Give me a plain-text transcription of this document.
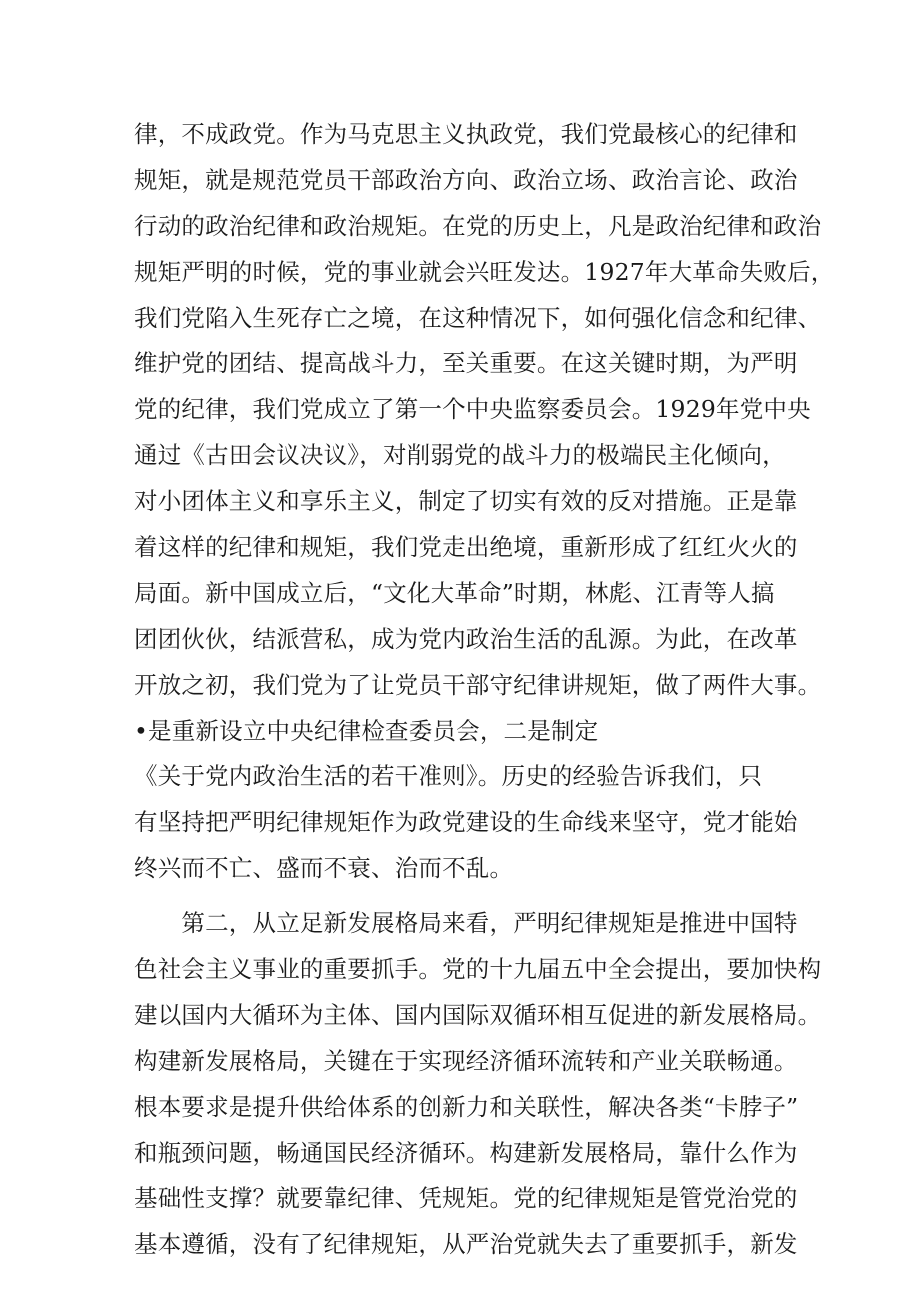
律，不成政党。作为马克思主义执政党，我们党最核心的纪律和
规矩，就是规范党员干部政治方向、政治立场、政治言论、政治
行动的政治纪律和政治规矩。在党的历史上，凡是政治纪律和政治
规矩严明的时候，党的事业就会兴旺发达。1927年大革命失败后，
我们党陷入生死存亡之境，在这种情况下，如何强化信念和纪律、
维护党的团结、提高战斗力，至关重要。在这关键时期，为严明
党的纪律，我们党成立了第一个中央监察委员会。1929年党中央
通过《古田会议决议》，对削弱党的战斗力的极端民主化倾向，
对小团体主义和享乐主义，制定了切实有效的反对措施。正是靠
着这样的纪律和规矩，我们党走出绝境，重新形成了红红火火的
局面。新中国成立后，“文化大革命”时期，林彪、江青等人搞
团团伙伙，结派营私，成为党内政治生活的乱源。为此，在改革
开放之初，我们党为了让党员干部守纪律讲规矩，做了两件大事。
•是重新设立中央纪律检查委员会，二是制定
《关于党内政治生活的若干准则》。历史的经验告诉我们，只
有坚持把严明纪律规矩作为政党建设的生命线来坚守，党才能始
终兴而不亡、盛而不衰、治而不乱。
　　第二，从立足新发展格局来看，严明纪律规矩是推进中国特
色社会主义事业的重要抓手。党的十九届五中全会提出，要加快构
建以国内大循环为主体、国内国际双循环相互促进的新发展格局。
构建新发展格局，关键在于实现经济循环流转和产业关联畅通。
根本要求是提升供给体系的创新力和关联性，解决各类“卡脖子”
和瓶颈问题，畅通国民经济循环。构建新发展格局，靠什么作为
基础性支撑？就要靠纪律、凭规矩。党的纪律规矩是管党治党的
基本遵循，没有了纪律规矩，从严治党就失去了重要抓手，新发
